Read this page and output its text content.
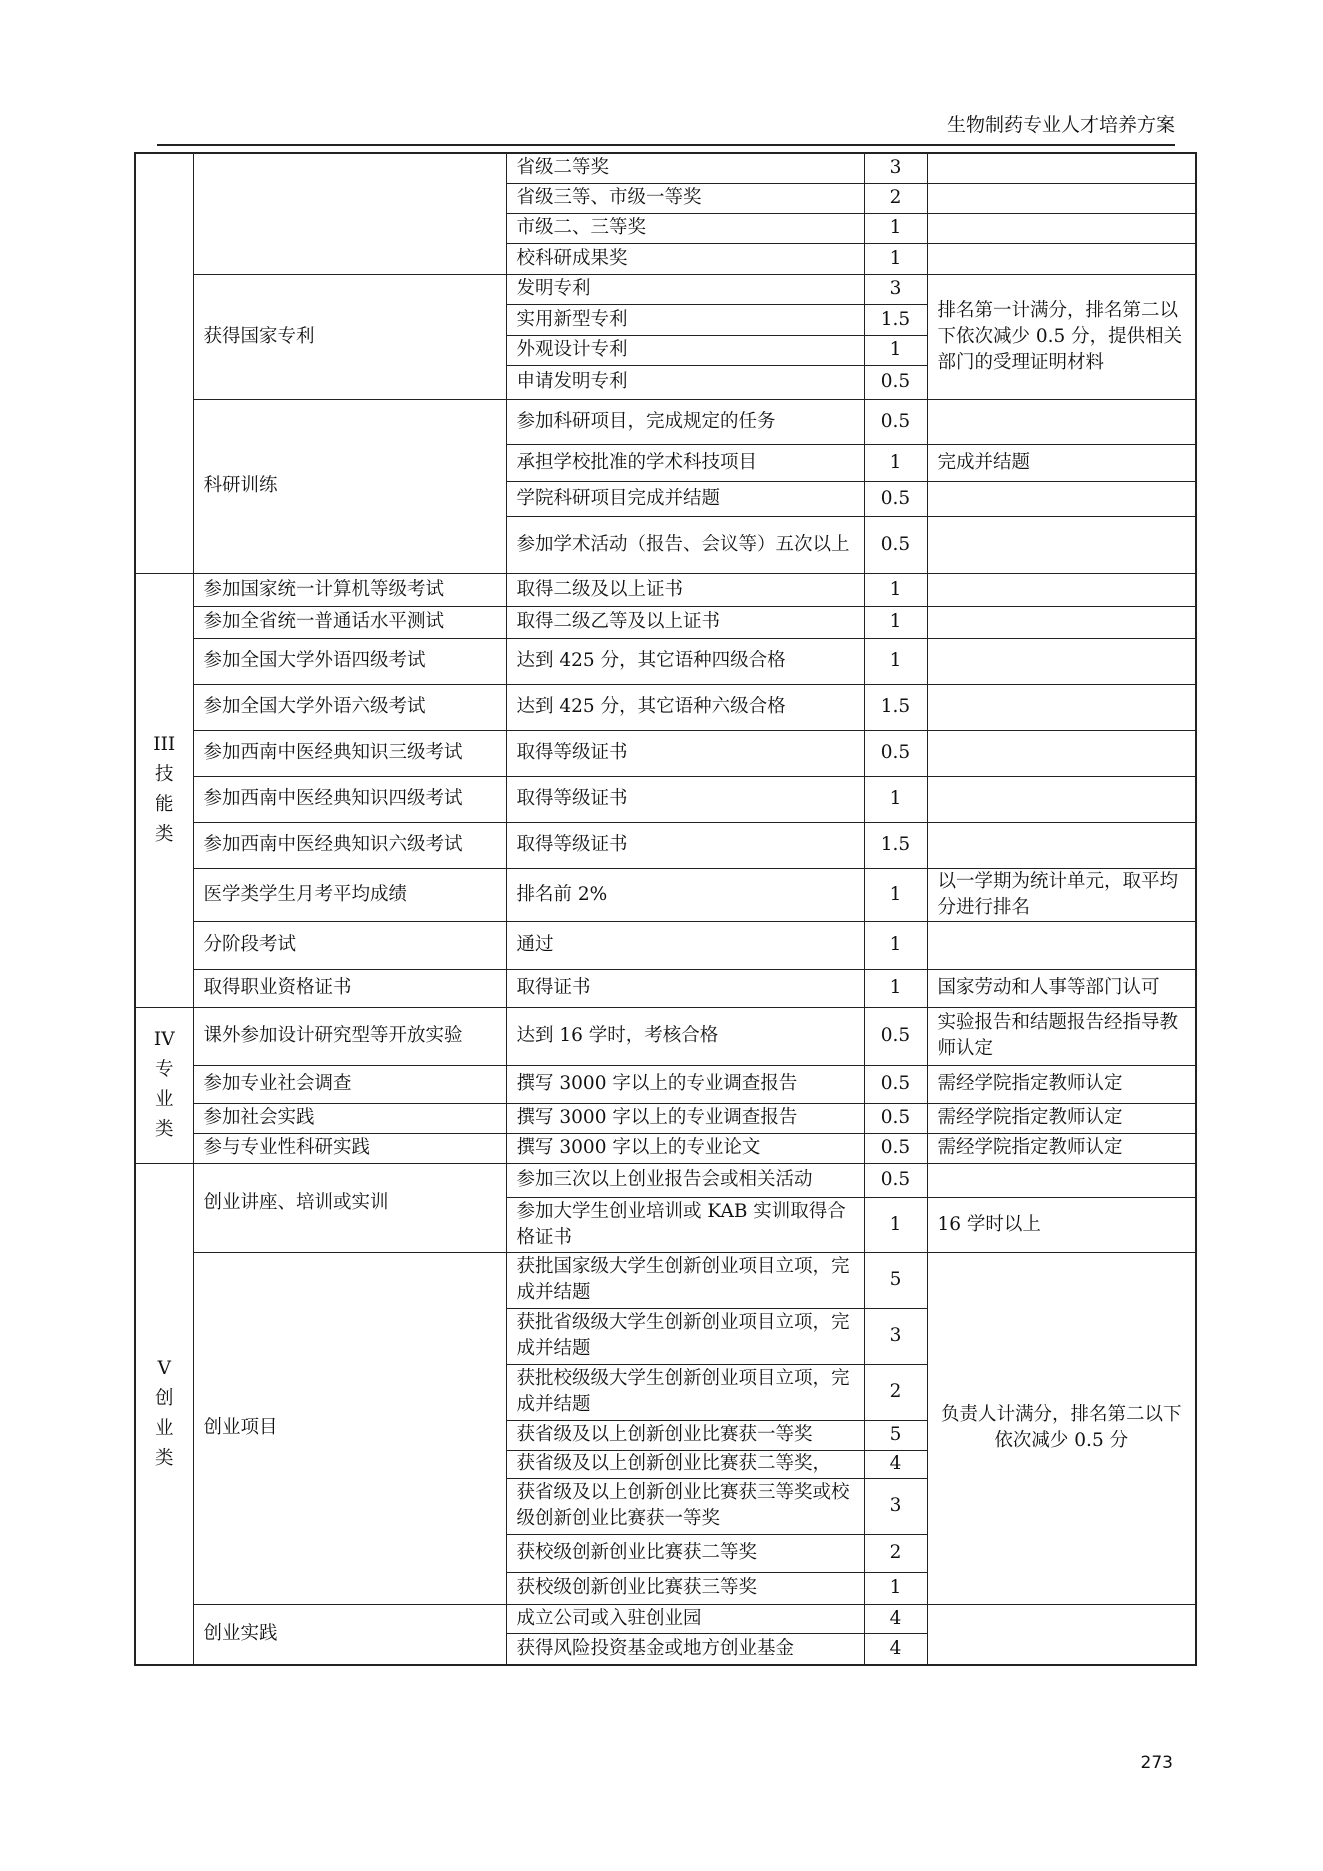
生物制药专业人才培养方案
		省级二等奖	3	
		省级三等、市级一等奖	2	
		市级二、三等奖	1	
		校科研成果奖	1	
	获得国家专利	发明专利	3	排名第一计满分，排名第二以下依次减少 0.5 分，提供相关部门的受理证明材料
		实用新型专利	1.5	
		外观设计专利	1	
		申请发明专利	0.5	
	科研训练	参加科研项目，完成规定的任务	0.5	
		承担学校批准的学术科技项目	1	完成并结题
		学院科研项目完成并结题	0.5	
		参加学术活动（报告、会议等）五次以上	0.5	

III
技
能
类	参加国家统一计算机等级考试	取得二级及以上证书	1	
	参加全省统一普通话水平测试	取得二级乙等及以上证书	1	
	参加全国大学外语四级考试	达到 425 分，其它语种四级合格	1	
	参加全国大学外语六级考试	达到 425 分，其它语种六级合格	1.5	
	参加西南中医经典知识三级考试	取得等级证书	0.5	
	参加西南中医经典知识四级考试	取得等级证书	1	
	参加西南中医经典知识六级考试	取得等级证书	1.5	
	医学类学生月考平均成绩	排名前 2%	1	以一学期为统计单元，取平均分进行排名
	分阶段考试	通过	1	
	取得职业资格证书	取得证书	1	国家劳动和人事等部门认可

IV
专
业
类	课外参加设计研究型等开放实验	达到 16 学时，考核合格	0.5	实验报告和结题报告经指导教师认定
	参加专业社会调查	撰写 3000 字以上的专业调查报告	0.5	需经学院指定教师认定
	参加社会实践	撰写 3000 字以上的专业调查报告	0.5	需经学院指定教师认定
	参与专业性科研实践	撰写 3000 字以上的专业论文	0.5	需经学院指定教师认定

V
创
业
类	创业讲座、培训或实训	参加三次以上创业报告会或相关活动	0.5	
		参加大学生创业培训或 KAB 实训取得合格证书	1	16 学时以上
	创业项目	获批国家级大学生创新创业项目立项，完成并结题	5	负责人计满分，排名第二以下依次减少 0.5 分
		获批省级级大学生创新创业项目立项，完成并结题	3	
		获批校级级大学生创新创业项目立项，完成并结题	2	
		获省级及以上创新创业比赛获一等奖	5	
		获省级及以上创新创业比赛获二等奖，	4	
		获省级及以上创新创业比赛获三等奖或校级创新创业比赛获一等奖	3	
		获校级创新创业比赛获二等奖	2	
		获校级创新创业比赛获三等奖	1	
	创业实践	成立公司或入驻创业园	4	
		获得风险投资基金或地方创业基金	4	
273
